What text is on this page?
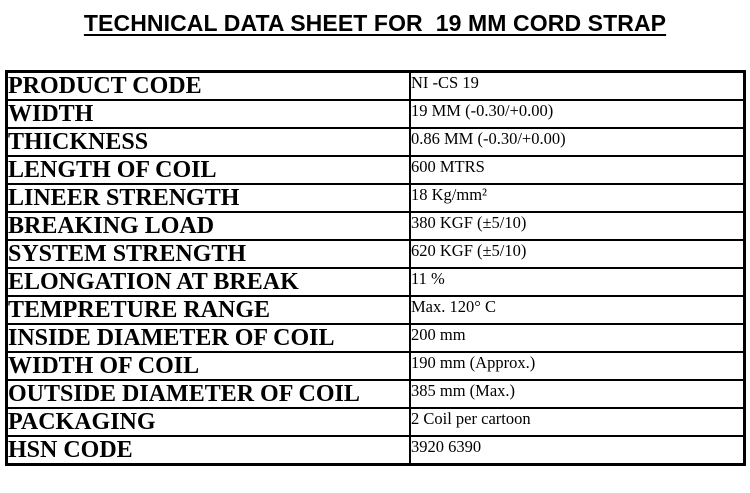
TECHNICAL DATA SHEET FOR  19 MM CORD STRAP
PRODUCT CODE	NI -CS 19
WIDTH	19 MM (-0.30/+0.00)
THICKNESS	0.86 MM (-0.30/+0.00)
LENGTH OF COIL	600 MTRS
LINEER STRENGTH	18 Kg/mm²
BREAKING LOAD	380 KGF (±5/10)
SYSTEM STRENGTH	620 KGF (±5/10)
ELONGATION AT BREAK	11 %
TEMPRETURE RANGE	Max. 120° C
INSIDE DIAMETER OF COIL	200 mm
WIDTH OF COIL	190 mm (Approx.)
OUTSIDE DIAMETER OF COIL	385 mm (Max.)
PACKAGING	2 Coil per cartoon
HSN CODE	3920 6390
